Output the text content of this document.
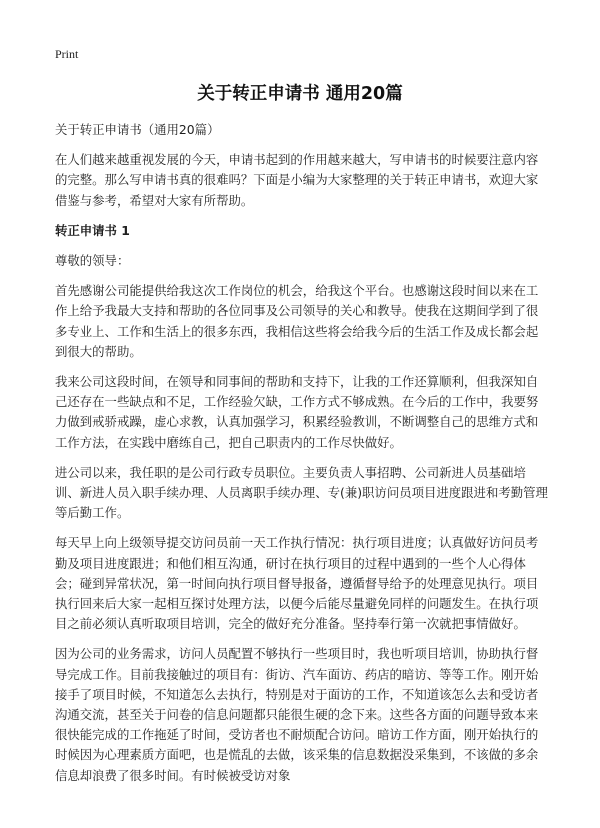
Print
关于转正申请书 通用20篇

关于转正申请书（通用20篇）

在人们越来越重视发展的今天，申请书起到的作用越来越大，写申请书的时候要注意内容的完整。那么写申请书真的很难吗？下面是小编为大家整理的关于转正申请书，欢迎大家借鉴与参考，希望对大家有所帮助。

转正申请书 1

尊敬的领导：

首先感谢公司能提供给我这次工作岗位的机会，给我这个平台。也感谢这段时间以来在工作上给予我最大支持和帮助的各位同事及公司领导的关心和教导。使我在这期间学到了很多专业上、工作和生活上的很多东西，我相信这些将会给我今后的生活工作及成长都会起到很大的帮助。

我来公司这段时间，在领导和同事间的帮助和支持下，让我的工作还算顺利，但我深知自己还存在一些缺点和不足，工作经验欠缺，工作方式不够成熟。在今后的工作中，我要努力做到戒骄戒躁，虚心求教，认真加强学习，积累经验教训，不断调整自己的思维方式和工作方法，在实践中磨练自己，把自己职责内的工作尽快做好。

进公司以来，我任职的是公司行政专员职位。主要负责人事招聘、公司新进人员基础培训、新进人员入职手续办理、人员离职手续办理、专(兼)职访问员项目进度跟进和考勤管理等后勤工作。

每天早上向上级领导提交访问员前一天工作执行情况：执行项目进度；认真做好访问员考勤及项目进度跟进；和他们相互沟通，研讨在执行项目的过程中遇到的一些个人心得体会；碰到异常状况，第一时间向执行项目督导报备，遵循督导给予的处理意见执行。项目执行回来后大家一起相互探讨处理方法，以便今后能尽量避免同样的问题发生。在执行项目之前必须认真听取项目培训，完全的做好充分准备。坚持奉行第一次就把事情做好。

因为公司的业务需求，访问人员配置不够执行一些项目时，我也听项目培训，协助执行督导完成工作。目前我接触过的项目有：街访、汽车面访、药店的暗访、等等工作。刚开始接手了项目时候，不知道怎么去执行，特别是对于面访的工作，不知道该怎么去和受访者沟通交流，甚至关于问卷的信息问题都只能很生硬的念下来。这些各方面的问题导致本来很快能完成的工作拖延了时间，受访者也不耐烦配合访问。暗访工作方面，刚开始执行的时候因为心理素质方面吧，也是慌乱的去做，该采集的信息数据没采集到，不该做的多余信息却浪费了很多时间。有时候被受访对象
